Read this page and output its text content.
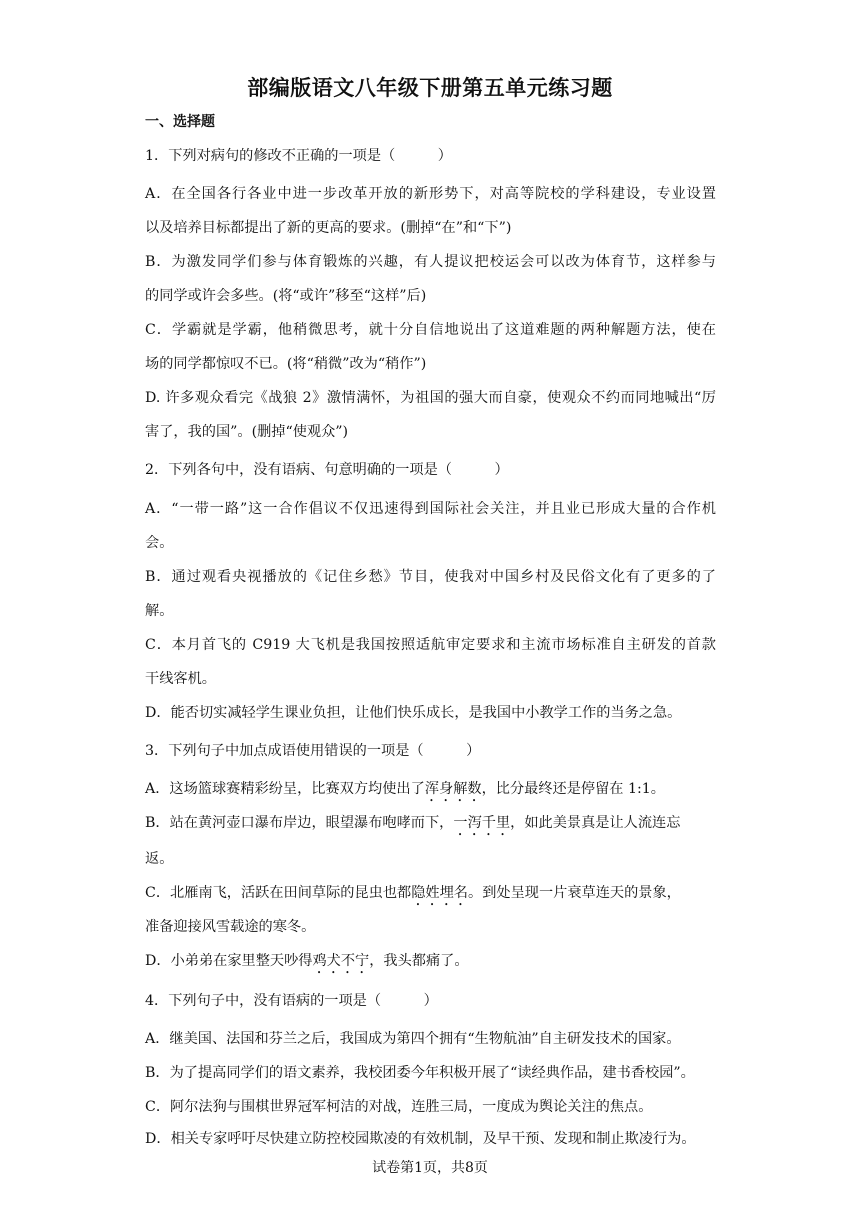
部编版语文八年级下册第五单元练习题
一、选择题
1．下列对病句的修改不正确的一项是（　　　）
A．在全国各行各业中进一步改革开放的新形势下，对高等院校的学科建设，专业设置
以及培养目标都提出了新的更高的要求。(删掉“在”和“下”)
B．为激发同学们参与体育锻炼的兴趣，有人提议把校运会可以改为体育节，这样参与
的同学或许会多些。(将“或许”移至“这样”后)
C．学霸就是学霸，他稍微思考，就十分自信地说出了这道难题的两种解题方法，使在
场的同学都惊叹不已。(将“稍微”改为“稍作”)
D. 许多观众看完《战狼 2》激情满怀，为祖国的强大而自豪，使观众不约而同地喊出“厉
害了，我的国”。(删掉“使观众”)
2．下列各句中，没有语病、句意明确的一项是（　　　）
A．“一带一路”这一合作倡议不仅迅速得到国际社会关注，并且业已形成大量的合作机
会。
B．通过观看央视播放的《记住乡愁》节目，使我对中国乡村及民俗文化有了更多的了
解。
C．本月首飞的 C919 大飞机是我国按照适航审定要求和主流市场标准自主研发的首款
干线客机。
D．能否切实减轻学生课业负担，让他们快乐成长，是我国中小教学工作的当务之急。
3．下列句子中加点成语使用错误的一项是（　　　）
A．这场篮球赛精彩纷呈，比赛双方均使出了浑身解数，比分最终还是停留在 1:1。
B．站在黄河壶口瀑布岸边，眼望瀑布咆哮而下，一泻千里，如此美景真是让人流连忘
返。
C．北雁南飞，活跃在田间草际的昆虫也都隐姓埋名。到处呈现一片衰草连天的景象，
准备迎接风雪载途的寒冬。
D．小弟弟在家里整天吵得鸡犬不宁，我头都痛了。
4．下列句子中，没有语病的一项是（　　　）
A．继美国、法国和芬兰之后，我国成为第四个拥有“生物航油”自主研发技术的国家。
B．为了提高同学们的语文素养，我校团委今年积极开展了“读经典作品，建书香校园”。
C．阿尔法狗与围棋世界冠军柯洁的对战，连胜三局，一度成为舆论关注的焦点。
D．相关专家呼吁尽快建立防控校园欺凌的有效机制，及早干预、发现和制止欺凌行为。
试卷第1页，共8页
